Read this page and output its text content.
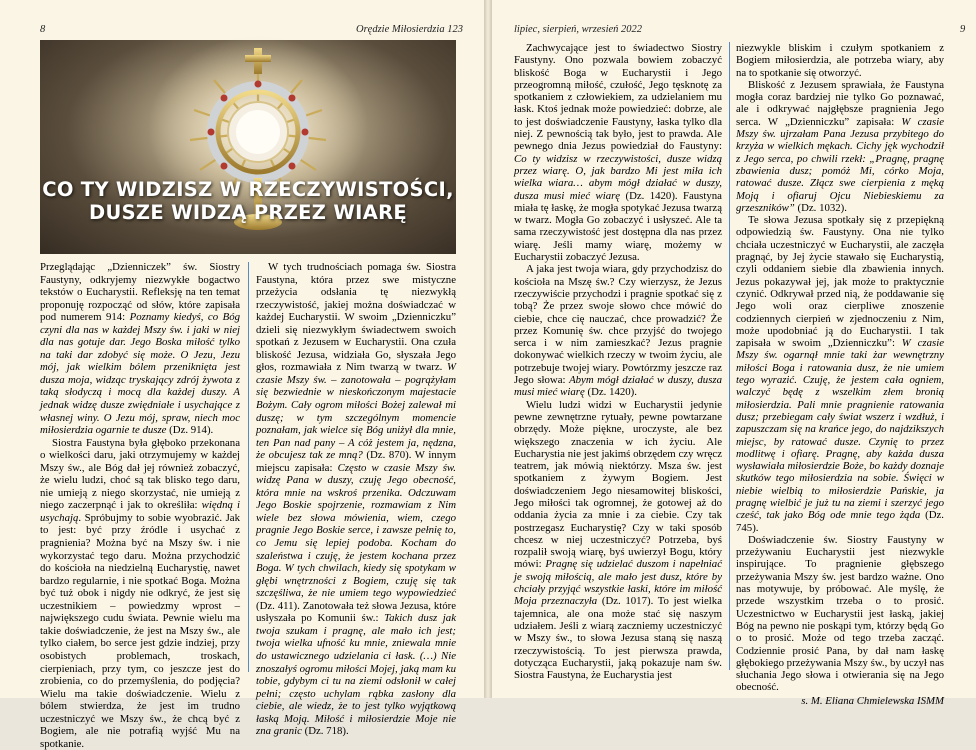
8	Orędzie Miłosierdzia 123
CO TY WIDZISZ W RZECZYWISTOŚCI,
DUSZE WIDZĄ PRZEZ WIARĘ

Przeglądając „Dzienniczek” św. Siostry Faustyny, odkryjemy niezwykłe bogactwo tekstów o Eucharystii. Refleksję na ten temat proponuję rozpocząć od słów, które zapisała pod numerem 914: Poznamy kiedyś, co Bóg czyni dla nas w każdej Mszy św. i jaki w niej dla nas gotuje dar. Jego Boska miłość tylko na taki dar zdobyć się może. O Jezu, Jezu mój, jak wielkim bólem przeniknięta jest dusza moja, widząc tryskający zdrój żywota z taką słodyczą i mocą dla każdej duszy. A jednak widzę dusze zwiędniałe i usychające z własnej winy. O Jezu mój, spraw, niech moc miłosierdzia ogarnie te dusze (Dz. 914).

Siostra Faustyna była głęboko przekonana o wielkości daru, jaki otrzymujemy w każdej Mszy św., ale Bóg dał jej również zobaczyć, że wielu ludzi, choć są tak blisko tego daru, nie umieją z niego skorzystać, nie umieją z niego zaczerpnąć i jak to określiła: więdną i usychają. Spróbujmy to sobie wyobrazić. Jak to jest: być przy źródle i usychać z pragnienia? Można być na Mszy św. i nie wykorzystać tego daru. Można przychodzić do kościoła na niedzielną Eucharystię, nawet bardzo regularnie, i nie spotkać Boga. Można być tuż obok i nigdy nie odkryć, że jest się uczestnikiem – powiedzmy wprost – największego cudu świata. Pewnie wielu ma takie doświadczenie, że jest na Mszy św., ale tylko ciałem, bo serce jest gdzie indziej, przy osobistych problemach, troskach, cierpieniach, przy tym, co jeszcze jest do zrobienia, co do przemyślenia, do podjęcia? Wielu ma takie doświadczenie. Wielu z bólem stwierdza, że jest im trudno uczestniczyć we Mszy św., że chcą być z Bogiem, ale nie potrafią wyjść Mu na spotkanie.

W tych trudnościach pomaga św. Siostra Faustyna, która przez swe mistyczne przeżycia odsłania tę niezwykłą rzeczywistość, jakiej można doświadczać w każdej Eucharystii. W swoim „Dzienniczku” dzieli się niezwykłym świadectwem swoich spotkań z Jezusem w Eucharystii. Ona czuła bliskość Jezusa, widziała Go, słyszała Jego głos, rozmawiała z Nim twarzą w twarz. W czasie Mszy św. – zanotowała – pogrążyłam się bezwiednie w nieskończonym majestacie Bożym. Cały ogrom miłości Bożej zalewał mi duszę; w tym szczególnym momencie poznałam, jak wielce się Bóg uniżył dla mnie, ten Pan nad pany – A cóż jestem ja, nędzna, że obcujesz tak ze mną? (Dz. 870). W innym miejscu zapisała: Często w czasie Mszy św. widzę Pana w duszy, czuję Jego obecność, która mnie na wskroś przenika. Odczuwam Jego Boskie spojrzenie, rozmawiam z Nim wiele bez słowa mówienia, wiem, czego pragnie Jego Boskie serce, i zawsze pełnię to, co Jemu się lepiej podoba. Kocham do szaleństwa i czuję, że jestem kochana przez Boga. W tych chwilach, kiedy się spotykam w głębi wnętrzności z Bogiem, czuję się tak szczęśliwa, że nie umiem tego wypowiedzieć (Dz. 411). Zanotowała też słowa Jezusa, które usłyszała po Komunii św.: Takich dusz jak twoja szukam i pragnę, ale mało ich jest; twoja wielka ufność ku mnie, zniewala mnie do ustawicznego udzielania ci łask. (…) Nie znoszałyś ogromu miłości Mojej, jaką mam ku tobie, gdybym ci tu na ziemi odsłonił w całej pełni; często uchylam rąbka zasłony dla ciebie, ale wiedz, że to jest tylko wyjątkową łaską Moją. Miłość i miłosierdzie Moje nie zna granic (Dz. 718).

lipiec, sierpień, wrzesień 2022	9

Zachwycające jest to świadectwo Siostry Faustyny. Ono pozwala bowiem zobaczyć bliskość Boga w Eucharystii i Jego przeogromną miłość, czułość, Jego tęsknotę za spotkaniem z człowiekiem, za udzielaniem mu łask. Ktoś jednak może powiedzieć: dobrze, ale to jest doświadczenie Faustyny, łaska tylko dla niej. Z pewnością tak było, jest to prawda. Ale pewnego dnia Jezus powiedział do Faustyny: Co ty widzisz w rzeczywistości, dusze widzą przez wiarę. O, jak bardzo Mi jest miła ich wielka wiara… abym mógł działać w duszy, dusza musi mieć wiarę (Dz. 1420). Faustyna miała tę łaskę, że mogła spotykać Jezusa twarzą w twarz. Mogła Go zobaczyć i usłyszeć. Ale ta sama rzeczywistość jest dostępna dla nas przez wiarę. Jeśli mamy wiarę, możemy w Eucharystii zobaczyć Jezusa.

A jaka jest twoja wiara, gdy przychodzisz do kościoła na Mszę św.? Czy wierzysz, że Jezus rzeczywiście przychodzi i pragnie spotkać się z tobą? Że przez swoje słowo chce mówić do ciebie, chce cię nauczać, chce prowadzić? Że przez Komunię św. chce przyjść do twojego serca i w nim zamieszkać? Jezus pragnie dokonywać wielkich rzeczy w twoim życiu, ale potrzebuje twojej wiary. Powtórzmy jeszcze raz Jego słowa: Abym mógł działać w duszy, dusza musi mieć wiarę (Dz. 1420).

Wielu ludzi widzi w Eucharystii jedynie pewne zewnętrzne rytuały, pewne powtarzane obrzędy. Może piękne, uroczyste, ale bez większego znaczenia w ich życiu. Ale Eucharystia nie jest jakimś obrzędem czy wręcz teatrem, jak mówią niektórzy. Msza św. jest spotkaniem z żywym Bogiem. Jest doświadczeniem Jego niesamowitej bliskości, Jego miłości tak ogromnej, że gotowej aż do oddania życia za mnie i za ciebie. Czy tak postrzegasz Eucharystię? Czy w taki sposób chcesz w niej uczestniczyć? Potrzeba, byś rozpalił swoją wiarę, byś uwierzył Bogu, który mówi: Pragnę się udzielać duszom i napełniać je swoją miłością, ale mało jest dusz, które by chciały przyjąć wszystkie łaski, które im miłość Moja przeznaczyła (Dz. 1017). To jest wielka tajemnica, ale ona może stać się naszym udziałem. Jeśli z wiarą zaczniemy uczestniczyć w Mszy św., to słowa Jezusa staną się naszą rzeczywistością. To jest pierwsza prawda, dotycząca Eucharystii, jaką pokazuje nam św. Siostra Faustyna, że Eucharystia jest

niezwykle bliskim i czułym spotkaniem z Bogiem miłosierdzia, ale potrzeba wiary, aby na to spotkanie się otworzyć.

Bliskość z Jezusem sprawiała, że Faustyna mogła coraz bardziej nie tylko Go poznawać, ale i odkrywać najgłębsze pragnienia Jego serca. W „Dzienniczku” zapisała: W czasie Mszy św. ujrzałam Pana Jezusa przybitego do krzyża w wielkich mękach. Cichy jęk wychodził z Jego serca, po chwili rzekł: „Pragnę, pragnę zbawienia dusz; pomóż Mi, córko Moja, ratować dusze. Złącz swe cierpienia z męką Moją i ofiaruj Ojcu Niebieskiemu za grzeszników” (Dz. 1032).

Te słowa Jezusa spotkały się z przepiękną odpowiedzią św. Faustyny. Ona nie tylko chciała uczestniczyć w Eucharystii, ale zaczęła pragnąć, by Jej życie stawało się Eucharystią, czyli oddaniem siebie dla zbawienia innych. Jezus pokazywał jej, jak może to praktycznie czynić. Odkrywał przed nią, że poddawanie się Jego woli oraz cierpliwe znoszenie codziennych cierpień w zjednoczeniu z Nim, może upodobniać ją do Eucharystii. I tak zapisała w swoim „Dzienniczku”: W czasie Mszy św. ogarnął mnie taki żar wewnętrzny miłości Boga i ratowania dusz, że nie umiem tego wyrazić. Czuję, że jestem cała ogniem, walczyć będę z wszelkim złem bronią miłosierdzia. Pali mnie pragnienie ratowania dusz; przebiegam cały świat wszerz i wzdłuż, i zapuszczam się na krańce jego, do najdzikszych miejsc, by ratować dusze. Czynię to przez modlitwę i ofiarę. Pragnę, aby każda dusza wysławiała miłosierdzie Boże, bo każdy doznaje skutków tego miłosierdzia na sobie. Święci w niebie wielbią to miłosierdzie Pańskie, ja pragnę wielbić je już tu na ziemi i szerzyć jego cześć, tak jako Bóg ode mnie tego żąda (Dz. 745).

Doświadczenie św. Siostry Faustyny w przeżywaniu Eucharystii jest niezwykle inspirujące. To pragnienie głębszego przeżywania Mszy św. jest bardzo ważne. Ono nas motywuje, by próbować. Ale myślę, że przede wszystkim trzeba o to prosić. Uczestnictwo w Eucharystii jest łaską, jakiej Bóg na pewno nie poskąpi tym, którzy będą Go o to prosić. Może od tego trzeba zacząć. Codziennie prosić Pana, by dał nam łaskę głębokiego przeżywania Mszy św., by uczył nas słuchania Jego słowa i otwierania się na Jego obecność.

s. M. Eliana Chmielewska ISMM
